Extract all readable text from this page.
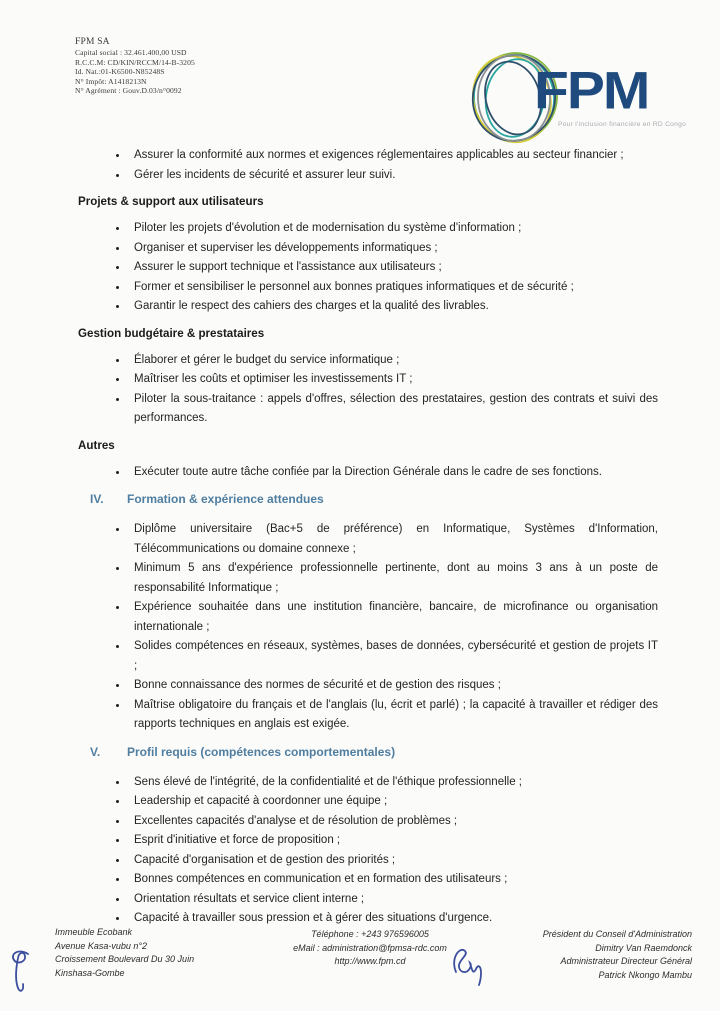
FPM SA
Capital social : 32.461.400,00 USD
R.C.C.M: CD/KIN/RCCM/14-B-3205
Id. Nat.:01-K6500-N85248S
N° Impôt: A1418213N
N° Agrément : Gouv.D.03/n°0092	FPM
Pour l'inclusion financière en RD Congo
• Assurer la conformité aux normes et exigences réglementaires applicables au secteur financier ;
• Gérer les incidents de sécurité et assurer leur suivi.
Projets & support aux utilisateurs
• Piloter les projets d'évolution et de modernisation du système d'information ;
• Organiser et superviser les développements informatiques ;
• Assurer le support technique et l'assistance aux utilisateurs ;
• Former et sensibiliser le personnel aux bonnes pratiques informatiques et de sécurité ;
• Garantir le respect des cahiers des charges et la qualité des livrables.
Gestion budgétaire & prestataires
• Élaborer et gérer le budget du service informatique ;
• Maîtriser les coûts et optimiser les investissements IT ;
• Piloter la sous-traitance : appels d'offres, sélection des prestataires, gestion des contrats et suivi des performances.
Autres
• Exécuter toute autre tâche confiée par la Direction Générale dans le cadre de ses fonctions.
IV.	Formation & expérience attendues
• Diplôme universitaire (Bac+5 de préférence) en Informatique, Systèmes d'Information, Télécommunications ou domaine connexe ;
• Minimum 5 ans d'expérience professionnelle pertinente, dont au moins 3 ans à un poste de responsabilité Informatique ;
• Expérience souhaitée dans une institution financière, bancaire, de microfinance ou organisation internationale ;
• Solides compétences en réseaux, systèmes, bases de données, cybersécurité et gestion de projets IT ;
• Bonne connaissance des normes de sécurité et de gestion des risques ;
• Maîtrise obligatoire du français et de l'anglais (lu, écrit et parlé) ; la capacité à travailler et rédiger des rapports techniques en anglais est exigée.
V.	Profil requis (compétences comportementales)
• Sens élevé de l'intégrité, de la confidentialité et de l'éthique professionnelle ;
• Leadership et capacité à coordonner une équipe ;
• Excellentes capacités d'analyse et de résolution de problèmes ;
• Esprit d'initiative et force de proposition ;
• Capacité d'organisation et de gestion des priorités ;
• Bonnes compétences en communication et en formation des utilisateurs ;
• Orientation résultats et service client interne ;
• Capacité à travailler sous pression et à gérer des situations d'urgence.
Immeuble Ecobank
Avenue Kasa-vubu n°2
Croissement Boulevard Du 30 Juin
Kinshasa-Gombe
Téléphone : +243 976596005
eMail : administration@fpmsa-rdc.com
http://www.fpm.cd
Président du Conseil d'Administration
Dimitry Van Raemdonck
Administrateur Directeur Général
Patrick Nkongo Mambu
